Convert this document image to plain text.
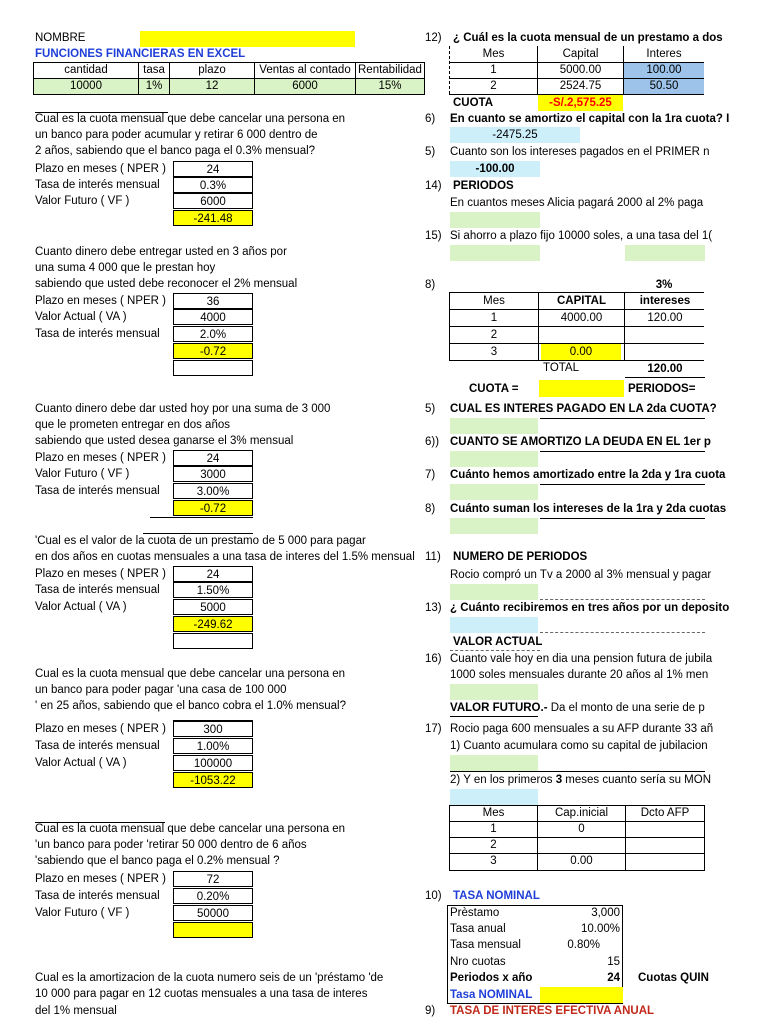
NOMBRE
FUNCIONES FINANCIERAS EN EXCEL
cantidad	tasa	plazo	Ventas al contado	Rentabilidad
10000	1%	12	6000	15%
Cual es la cuota mensual que debe cancelar una persona en
un banco para poder acumular y retirar 6 000 dentro de
2 años, sabiendo que el banco paga el 0.3% mensual?
Plazo en meses ( NPER )	24
Tasa de interés mensual	0.3%
Valor Futuro ( VF )	6000
-241.48
Cuanto dinero debe entregar usted en 3 años por
una suma 4 000 que le prestan hoy
sabiendo que usted debe reconocer el 2% mensual
Plazo en meses ( NPER )	36
Valor Actual ( VA )	4000
Tasa de interés mensual	2.0%
-0.72
Cuanto dinero debe dar usted hoy por una suma de 3 000
que le prometen entregar en dos años
sabiendo que usted desea ganarse el 3% mensual
Plazo en meses ( NPER )	24
Valor Futuro ( VF )	3000
Tasa de interés mensual	3.00%
-0.72
'Cual es el valor de la cuota de un prestamo de 5 000 para pagar
en dos años en cuotas mensuales a una tasa de interes del 1.5% mensual
Plazo en meses ( NPER )	24
Tasa de interés mensual	1.50%
Valor Actual ( VA )	5000
-249.62
Cual es la cuota mensual que debe cancelar una persona en
un banco para poder pagar 'una casa de 100 000
' en 25 años, sabiendo que el banco cobra el 1.0% mensual?
Plazo en meses ( NPER )	300
Tasa de interés mensual	1.00%
Valor Actual ( VA )	100000
-1053.22
Cual es la cuota mensual que debe cancelar una persona en
'un banco para poder 'retirar 50 000 dentro de 6 años
'sabiendo que el banco paga el 0.2% mensual ?
Plazo en meses ( NPER )	72
Tasa de interés mensual	0.20%
Valor Futuro ( VF )	50000
Cual es la amortizacion de la cuota numero seis de un 'préstamo 'de
10 000 para pagar en 12 cuotas mensuales a una tasa de interes
del 1% mensual
12) ¿ Cuál es la cuota mensual de un prestamo a dos
Mes	Capital	Interes
1	5000.00	100.00
2	2524.75	50.50
CUOTA	-S/.2,575.25
6) En cuanto se amortizo el capital con la 1ra cuota? I
-2475.25
5) Cuanto son los intereses pagados en el PRIMER n
-100.00
14) PERIODOS
En cuantos meses Alicia pagará 2000 al 2% paga
15) Si ahorro a plazo fijo 10000 soles, a una tasa del 1(
8)	3%
Mes	CAPITAL	intereses
1	4000.00	120.00
2
3	0.00
TOTAL	120.00
CUOTA =	PERIODOS=
5) CUAL ES INTERES PAGADO EN LA 2da CUOTA?
6)) CUANTO SE AMORTIZO LA DEUDA EN EL 1er p
7) Cuánto hemos amortizado entre la 2da y 1ra cuota
8) Cuánto suman los intereses de la 1ra y 2da cuotas
11) NUMERO DE PERIODOS
Rocio compró un Tv a 2000 al 3% mensual y pagar
13) ¿ Cuánto recibiremos en tres años por un deposito
VALOR ACTUAL
16) Cuanto vale hoy en dia una pension futura de jubila
1000 soles mensuales durante 20 años al 1% men
VALOR FUTURO.- Da el monto de una serie de p
17) Rocio paga 600 mensuales a su AFP durante 33 añ
1) Cuanto acumulara como su capital de jubilacion
2) Y en los primeros 3 meses cuanto sería su MON
Mes	Cap.inicial	Dcto AFP
1	0
2
3	0.00
10) TASA NOMINAL
Prèstamo	3,000
Tasa anual	10.00%
Tasa mensual	0.80%
Nro cuotas	15
Periodos x año	24 Cuotas QUIN
Tasa NOMINAL
9) TASA DE INTERES EFECTIVA ANUAL
